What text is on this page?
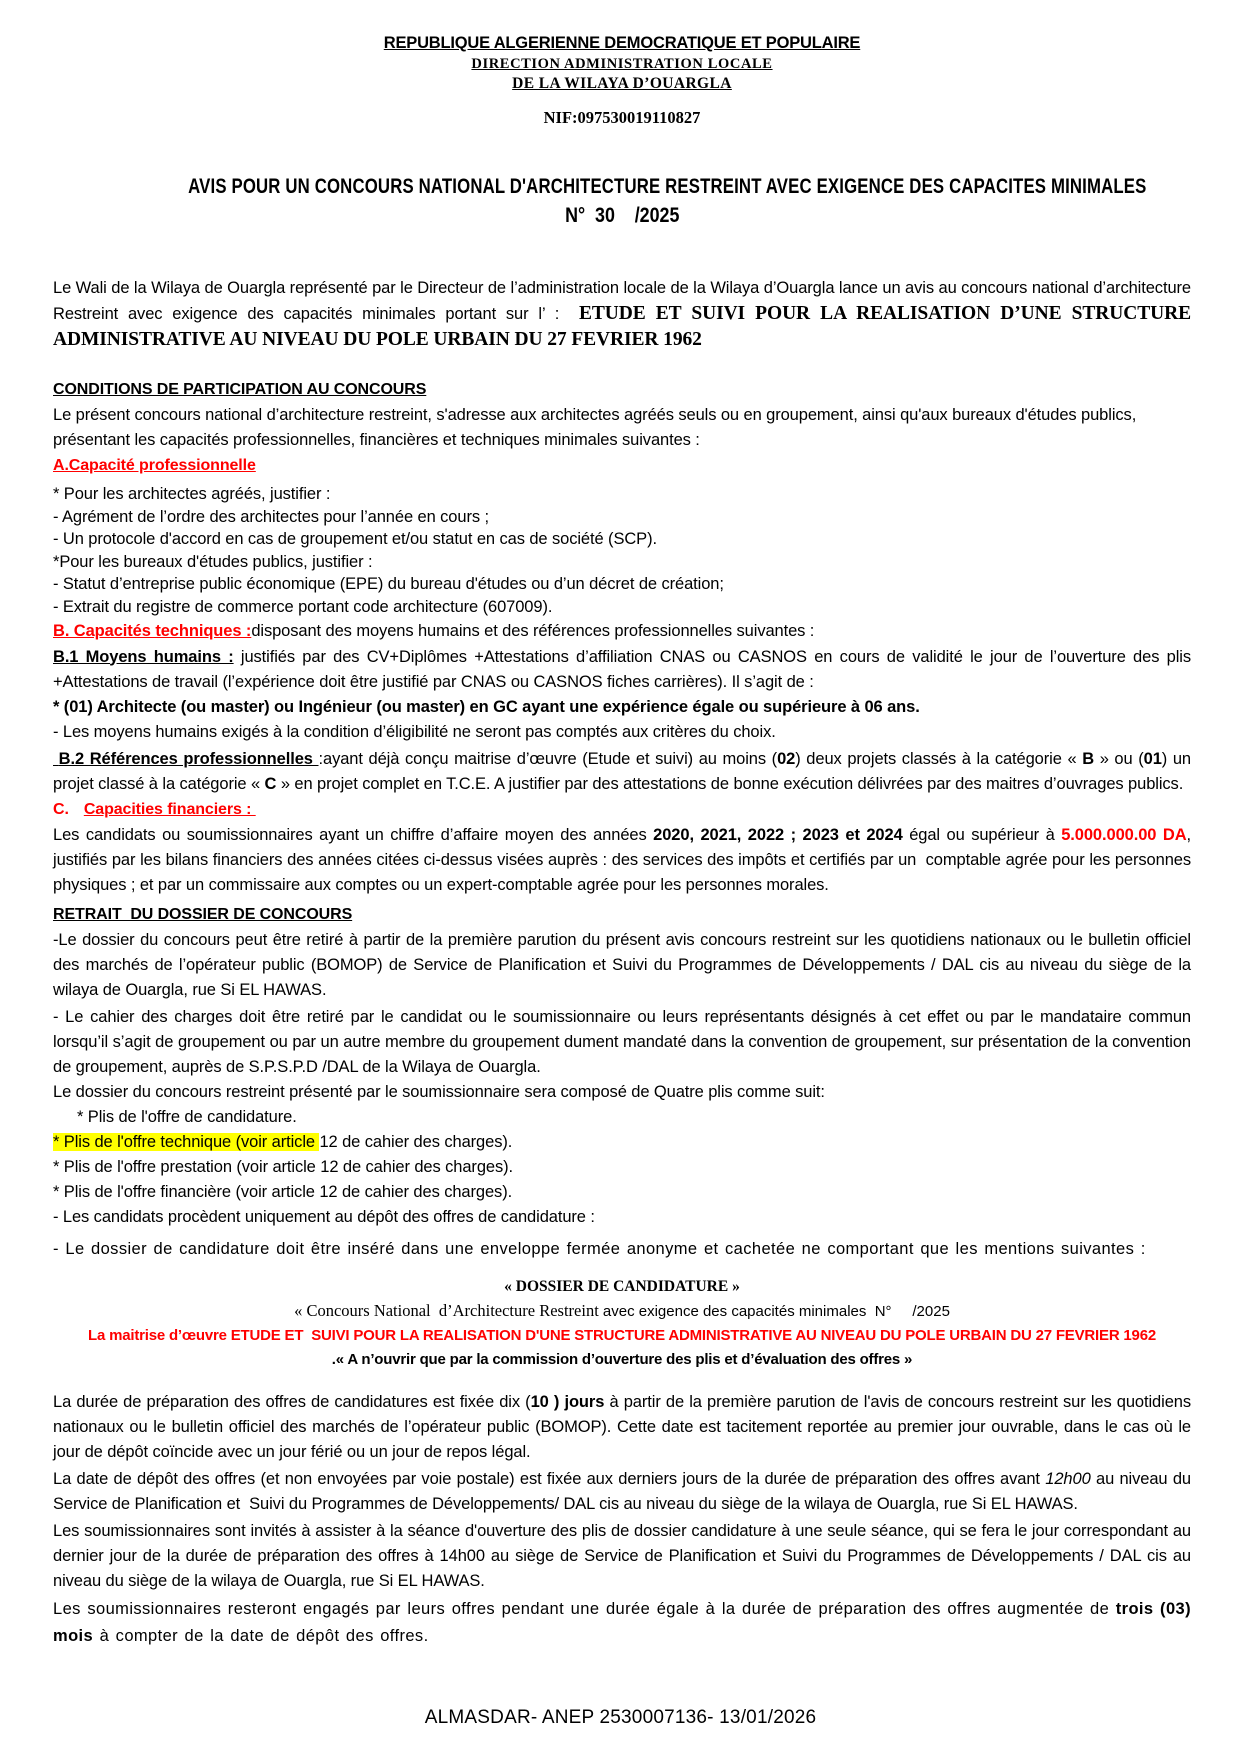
REPUBLIQUE ALGERIENNE DEMOCRATIQUE ET POPULAIRE
DIRECTION ADMINISTRATION LOCALE
DE LA WILAYA D’OUARGLA
NIF:097530019110827
AVIS POUR UN CONCOURS NATIONAL D'ARCHITECTURE RESTREINT AVEC EXIGENCE DES CAPACITES MINIMALES
N°  30    /2025

Le Wali de la Wilaya de Ouargla représenté par le Directeur de l’administration locale de la Wilaya d’Ouargla lance un avis au concours national d’architecture Restreint avec exigence des capacités minimales portant sur l’ :  ETUDE ET SUIVI POUR LA REALISATION D’UNE STRUCTURE ADMINISTRATIVE AU NIVEAU DU POLE URBAIN DU 27 FEVRIER 1962

CONDITIONS DE PARTICIPATION AU CONCOURS

Le présent concours national d’architecture restreint, s'adresse aux architectes agréés seuls ou en groupement, ainsi qu'aux bureaux d'études publics, présentant les capacités professionnelles, financières et techniques minimales suivantes :

A.Capacité professionnelle
* Pour les architectes agréés, justifier :
- Agrément de l’ordre des architectes pour l’année en cours ;
- Un protocole d'accord en cas de groupement et/ou statut en cas de société (SCP).
*Pour les bureaux d'études publics, justifier :
- Statut d’entreprise public économique (EPE) du bureau d'études ou d’un décret de création;
- Extrait du registre de commerce portant code architecture (607009).
B. Capacités techniques :disposant des moyens humains et des références professionnelles suivantes :

B.1 Moyens humains : justifiés par des CV+Diplômes +Attestations d’affiliation CNAS ou CASNOS en cours de validité le jour de l’ouverture des plis +Attestations de travail (l’expérience doit être justifié par CNAS ou CASNOS fiches carrières). Il s’agit de :

* (01) Architecte (ou master) ou Ingénieur (ou master) en GC ayant une expérience égale ou supérieure à 06 ans.
- Les moyens humains exigés à la condition d’éligibilité ne seront pas comptés aux critères du choix.

B.2 Références professionnelles :ayant déjà conçu maitrise d’œuvre (Etude et suivi) au moins (02) deux projets classés à la catégorie « B » ou (01) un projet classé à la catégorie « C » en projet complet en T.C.E. A justifier par des attestations de bonne exécution délivrées par des maitres d’ouvrages publics.

C. Capacities financiers :

Les candidats ou soumissionnaires ayant un chiffre d’affaire moyen des années 2020, 2021, 2022 ; 2023 et 2024 égal ou supérieur à 5.000.000.00 DA, justifiés par les bilans financiers des années citées ci-dessus visées auprès : des services des impôts et certifiés par un  comptable agrée pour les personnes physiques ; et par un commissaire aux comptes ou un expert-comptable agrée pour les personnes morales.

RETRAIT  DU DOSSIER DE CONCOURS

-Le dossier du concours peut être retiré à partir de la première parution du présent avis concours restreint sur les quotidiens nationaux ou le bulletin officiel des marchés de l’opérateur public (BOMOP) de Service de Planification et Suivi du Programmes de Développements / DAL cis au niveau du siège de la wilaya de Ouargla, rue Si EL HAWAS.

- Le cahier des charges doit être retiré par le candidat ou le soumissionnaire ou leurs représentants désignés à cet effet ou par le mandataire commun lorsqu’il s’agit de groupement ou par un autre membre du groupement dument mandaté dans la convention de groupement, sur présentation de la convention de groupement, auprès de S.P.S.P.D /DAL de la Wilaya de Ouargla.

Le dossier du concours restreint présenté par le soumissionnaire sera composé de Quatre plis comme suit:
* Plis de l'offre de candidature.
* Plis de l'offre technique (voir article 12 de cahier des charges).
* Plis de l'offre prestation (voir article 12 de cahier des charges).
* Plis de l'offre financière (voir article 12 de cahier des charges).
- Les candidats procèdent uniquement au dépôt des offres de candidature :
- Le dossier de candidature doit être inséré dans une enveloppe fermée anonyme et cachetée ne comportant que les mentions suivantes :
« DOSSIER DE CANDIDATURE »
« Concours National  d’Architecture Restreint avec exigence des capacités minimales  N°     /2025
La maitrise d’œuvre ETUDE ET  SUIVI POUR LA REALISATION D'UNE STRUCTURE ADMINISTRATIVE AU NIVEAU DU POLE URBAIN DU 27 FEVRIER 1962
.« A n’ouvrir que par la commission d’ouverture des plis et d’évaluation des offres »

La durée de préparation des offres de candidatures est fixée dix (10 ) jours à partir de la première parution de l'avis de concours restreint sur les quotidiens nationaux ou le bulletin officiel des marchés de l’opérateur public (BOMOP). Cette date est tacitement reportée au premier jour ouvrable, dans le cas où le jour de dépôt coïncide avec un jour férié ou un jour de repos légal.

La date de dépôt des offres (et non envoyées par voie postale) est fixée aux derniers jours de la durée de préparation des offres avant 12h00 au niveau du Service de Planification et  Suivi du Programmes de Développements/ DAL cis au niveau du siège de la wilaya de Ouargla, rue Si EL HAWAS.

Les soumissionnaires sont invités à assister à la séance d'ouverture des plis de dossier candidature à une seule séance, qui se fera le jour correspondant au dernier jour de la durée de préparation des offres à 14h00 au siège de Service de Planification et Suivi du Programmes de Développements / DAL cis au niveau du siège de la wilaya de Ouargla, rue Si EL HAWAS.

Les soumissionnaires resteront engagés par leurs offres pendant une durée égale à la durée de préparation des offres augmentée de trois (03) mois à compter de la date de dépôt des offres.

ALMASDAR- ANEP 2530007136- 13/01/2026
